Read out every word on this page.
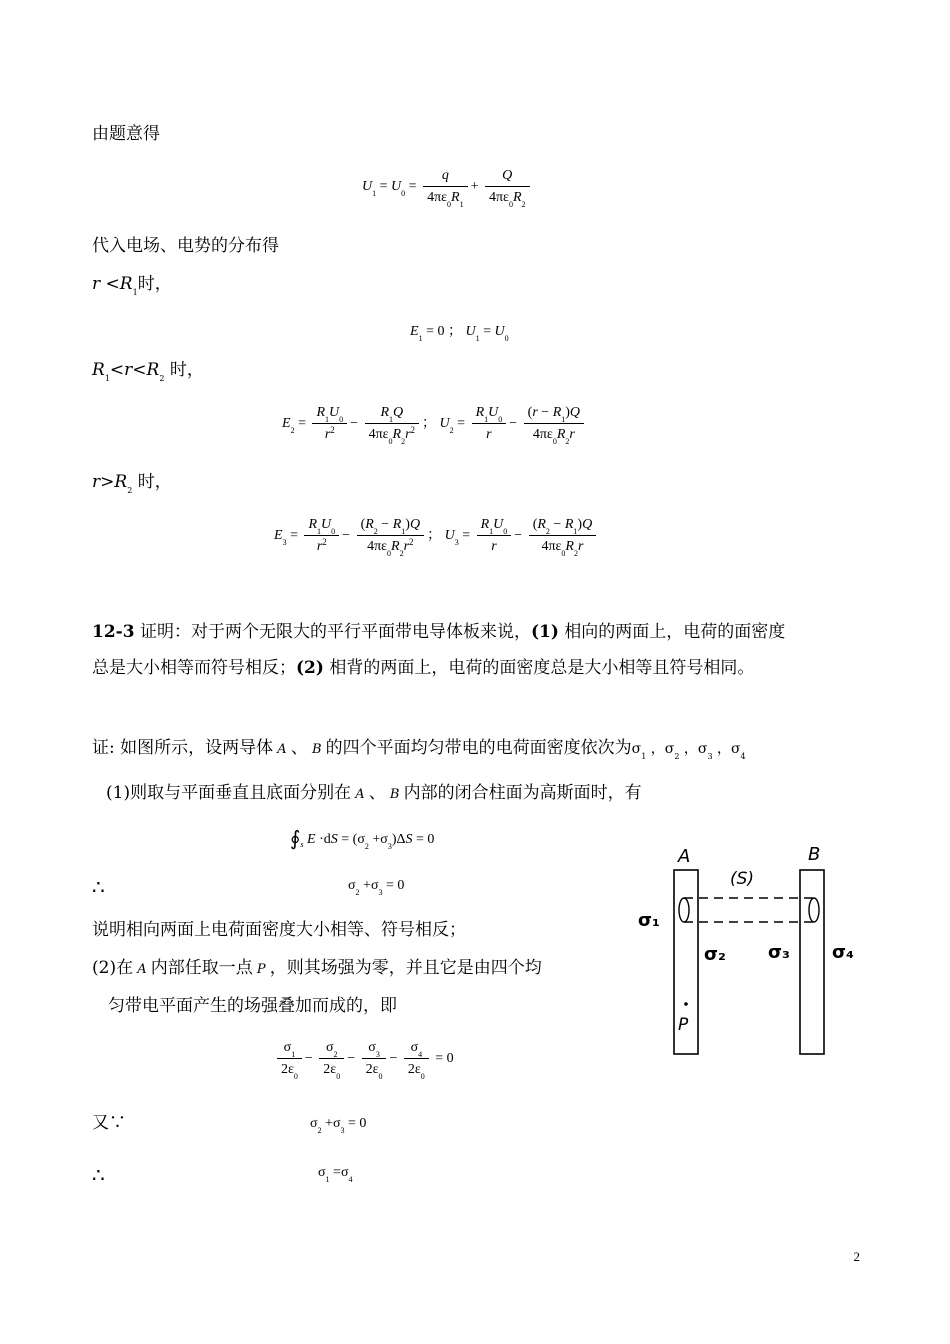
由题意得
$U_1 = U_0 = \frac{q}{4\pi\varepsilon_0R_1} + \frac{Q}{4\pi\varepsilon_0R_2}$
代入电场、电势的分布得
$r <R_1$时，
$E_1 = 0$ ； $U_1 = U_0$
$R_1<r<R_2$ 时，
$E_2 = \frac{R_1U_0}{r^2} - \frac{R_1Q}{4\pi\varepsilon_0R_2r^2}$ ； $U_2 = \frac{R_1U_0}{r} - \frac{(r - R_1)Q}{4\pi\varepsilon_0R_2r}$
$r>R_2$ 时，
$E_3 = \frac{R_1U_0}{r^2} - \frac{(R_2 - R_1)Q}{4\pi\varepsilon_0R_2r^2}$ ； $U_3 = \frac{R_1U_0}{r} - \frac{(R_2 - R_1)Q}{4\pi\varepsilon_0R_2r}$
12-3 证明：对于两个无限大的平行平面带电导体板来说，(1) 相向的两面上，电荷的面密度
总是大小相等而符号相反；(2) 相背的两面上，电荷的面密度总是大小相等且符号相同。
证: 如图所示，设两导体 A 、 B 的四个平面均匀带电的电荷面密度依次为$\sigma_1$ ，$\sigma_2$ ，$\sigma_3$ ，$\sigma_4$
(1)则取与平面垂直且底面分别在 A 、 B 内部的闭合柱面为高斯面时，有
$∮_s$ $E \cdot dS = (\sigma_2 +\sigma_3)\Delta S = 0$
∴	$\sigma_2 +\sigma_3 = 0$
说明相向两面上电荷面密度大小相等、符号相反；
(2)在 A 内部任取一点 P ，则其场强为零，并且它是由四个均
匀带电平面产生的场强叠加而成的，即
$\frac{\sigma_1}{2\varepsilon_0} - \frac{\sigma_2}{2\varepsilon_0} - \frac{\sigma_3}{2\varepsilon_0} - \frac{\sigma_4}{2\varepsilon_0} = 0$
又∵	$\sigma_2 +\sigma_3 = 0$
∴	$\sigma_1 =\sigma_4$
A	B
(S)
P
σ₁
σ₂ σ₃ σ₄
2
